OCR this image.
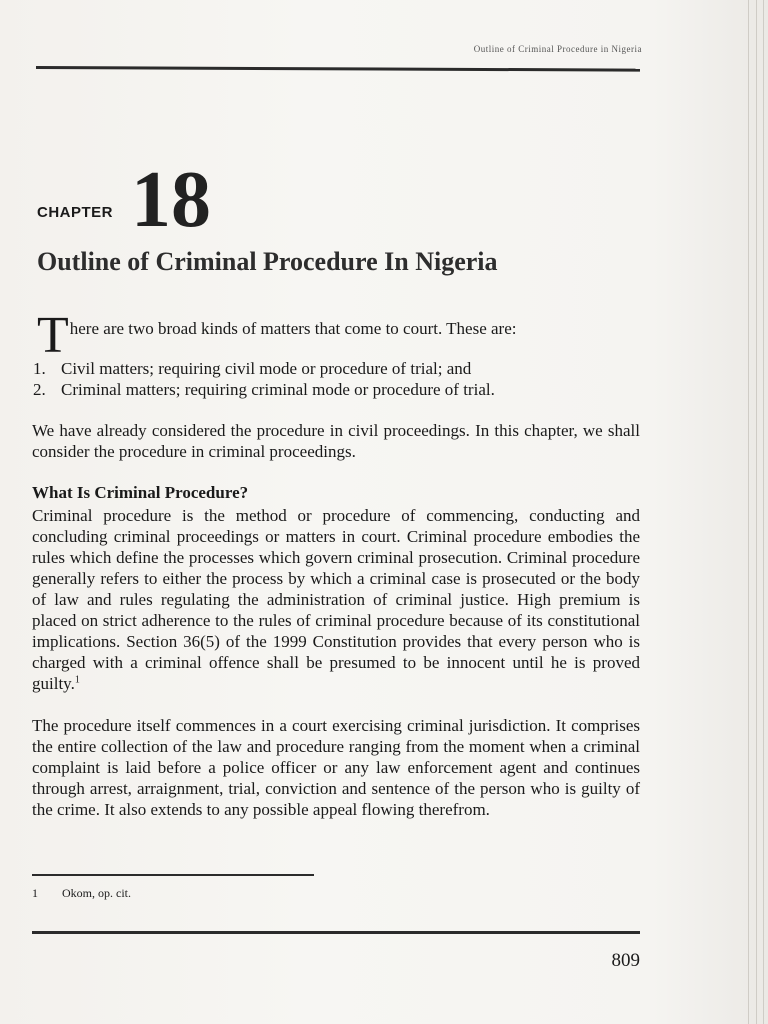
Outline of Criminal Procedure in Nigeria
CHAPTER 18
Outline of Criminal Procedure In Nigeria
T here are two broad kinds of matters that come to court. These are:
1. Civil matters; requiring civil mode or procedure of trial; and
2. Criminal matters; requiring criminal mode or procedure of trial.
We have already considered the procedure in civil proceedings. In this chapter, we shall consider the procedure in criminal proceedings.
What Is Criminal Procedure?
Criminal procedure is the method or procedure of commencing, conducting and concluding criminal proceedings or matters in court. Criminal procedure embodies the rules which define the processes which govern criminal prosecution. Criminal procedure generally refers to either the process by which a criminal case is prosecuted or the body of law and rules regulating the administration of criminal justice. High premium is placed on strict adherence to the rules of criminal procedure because of its constitutional implications. Section 36(5) of the 1999 Constitution provides that every person who is charged with a criminal offence shall be presumed to be innocent until he is proved guilty.$^1$
The procedure itself commences in a court exercising criminal jurisdiction. It comprises the entire collection of the law and procedure ranging from the moment when a criminal complaint is laid before a police officer or any law enforcement agent and continues through arrest, arraignment, trial, conviction and sentence of the person who is guilty of the crime. It also extends to any possible appeal flowing therefrom.
1	Okom, op. cit.
809
